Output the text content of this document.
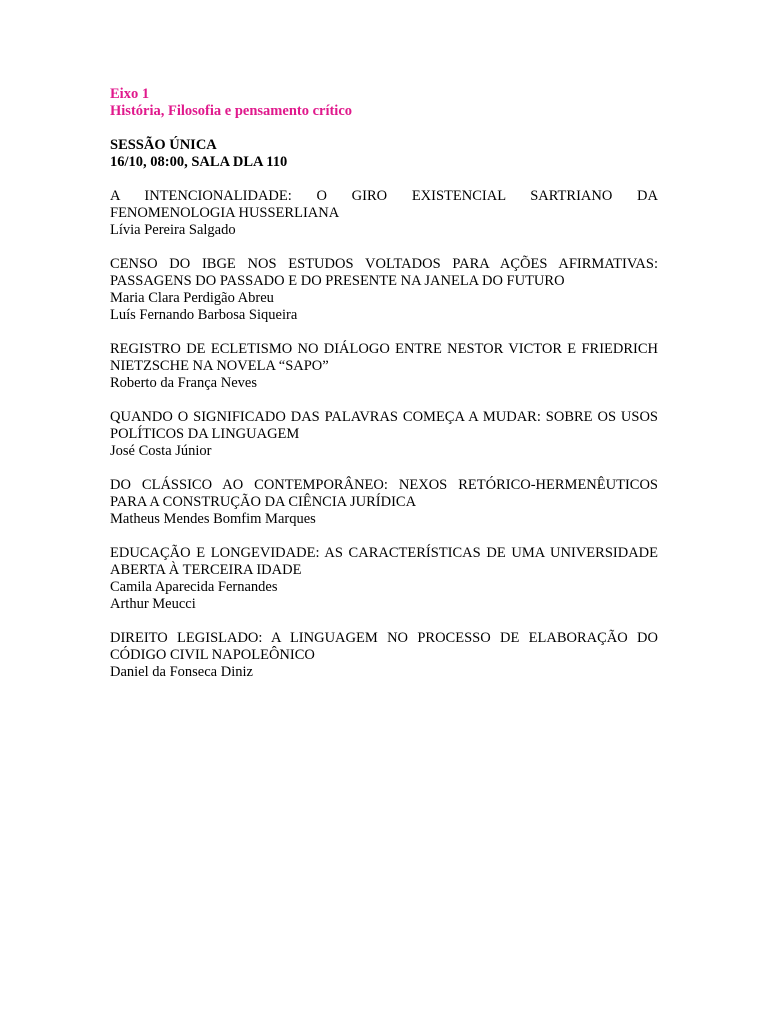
Eixo 1
História, Filosofia e pensamento crítico
SESSÃO ÚNICA
16/10, 08:00, SALA DLA 110
A INTENCIONALIDADE: O GIRO EXISTENCIAL SARTRIANO DA FENOMENOLOGIA HUSSERLIANA
Lívia Pereira Salgado
CENSO DO IBGE NOS ESTUDOS VOLTADOS PARA AÇÕES AFIRMATIVAS: PASSAGENS DO PASSADO E DO PRESENTE NA JANELA DO FUTURO
Maria Clara Perdigão Abreu
Luís Fernando Barbosa Siqueira
REGISTRO DE ECLETISMO NO DIÁLOGO ENTRE NESTOR VICTOR E FRIEDRICH NIETZSCHE NA NOVELA “SAPO”
Roberto da França Neves
QUANDO O SIGNIFICADO DAS PALAVRAS COMEÇA A MUDAR: SOBRE OS USOS POLÍTICOS DA LINGUAGEM
José Costa Júnior
DO CLÁSSICO AO CONTEMPORÂNEO: NEXOS RETÓRICO-HERMENÊUTICOS PARA A CONSTRUÇÃO DA CIÊNCIA JURÍDICA
Matheus Mendes Bomfim Marques
EDUCAÇÃO E LONGEVIDADE: AS CARACTERÍSTICAS DE UMA UNIVERSIDADE ABERTA À TERCEIRA IDADE
Camila Aparecida Fernandes
Arthur Meucci
DIREITO LEGISLADO: A LINGUAGEM NO PROCESSO DE ELABORAÇÃO DO CÓDIGO CIVIL NAPOLEÔNICO
Daniel da Fonseca Diniz
